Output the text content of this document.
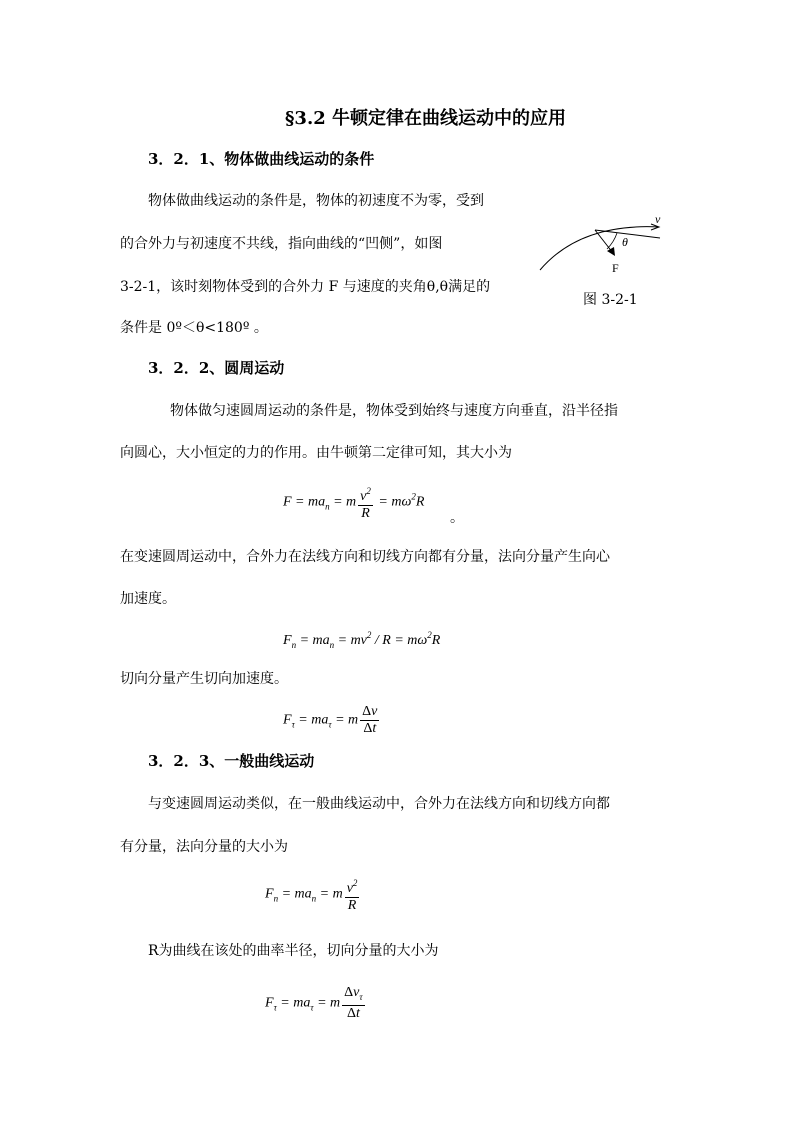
§3.2 牛顿定律在曲线运动中的应用
3．2．1、物体做曲线运动的条件
物体做曲线运动的条件是，物体的初速度不为零，受到
的合外力与初速度不共线，指向曲线的“凹侧”，如图
3-2-1，该时刻物体受到的合外力 F 与速度的夹角θ,θ满足的
条件是 0º＜θ<180º 。
v
θ
F
图 3-2-1
3．2．2、圆周运动
物体做匀速圆周运动的条件是，物体受到始终与速度方向垂直，沿半径指
向圆心，大小恒定的力的作用。由牛顿第二定律可知，其大小为
$F = ma_n = m \frac{v^2}{R} = m\omega^2R$
。
在变速圆周运动中，合外力在法线方向和切线方向都有分量，法向分量产生向心
加速度。
$F_n = ma_n = mv^2 / R = m\omega^2R$
切向分量产生切向加速度。
$F_\tau = ma_\tau = m \frac{\Delta v}{\Delta t}$
3．2．3、一般曲线运动
与变速圆周运动类似，在一般曲线运动中，合外力在法线方向和切线方向都
有分量，法向分量的大小为
$F_n = ma_n = m \frac{v^2}{R}$
R为曲线在该处的曲率半径，切向分量的大小为
$F_\tau = ma_\tau = m \frac{\Delta v_\tau}{\Delta t}$
